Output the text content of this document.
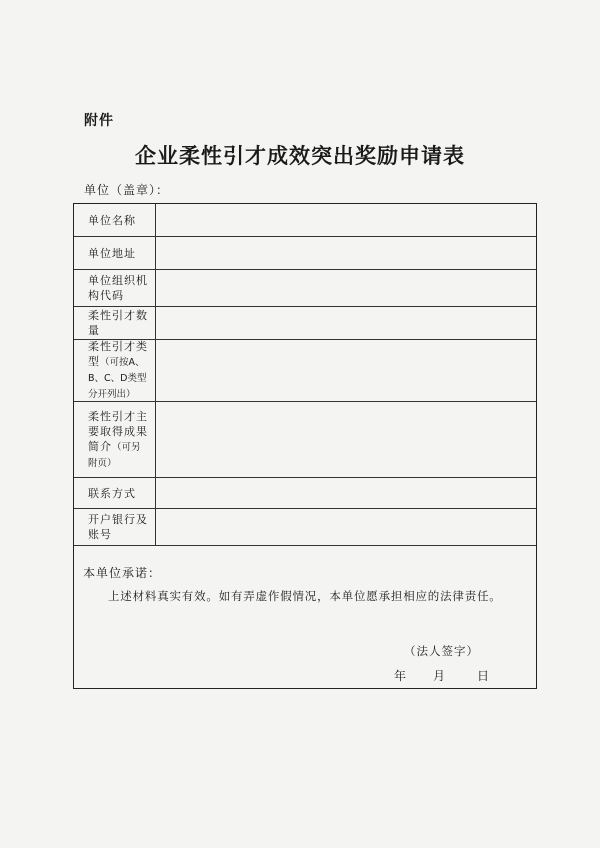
附件
企业柔性引才成效突出奖励申请表
单位（盖章）：
单位名称
单位地址
单位组织机构代码
柔性引才数量
柔性引才类型（可按A、B、C、D类型分开列出）
柔性引才主要取得成果简介（可另附页）
联系方式
开户银行及账号
本单位承诺：
上述材料真实有效。如有弄虚作假情况，本单位愿承担相应的法律责任。
（法人签字）
年 月	日
